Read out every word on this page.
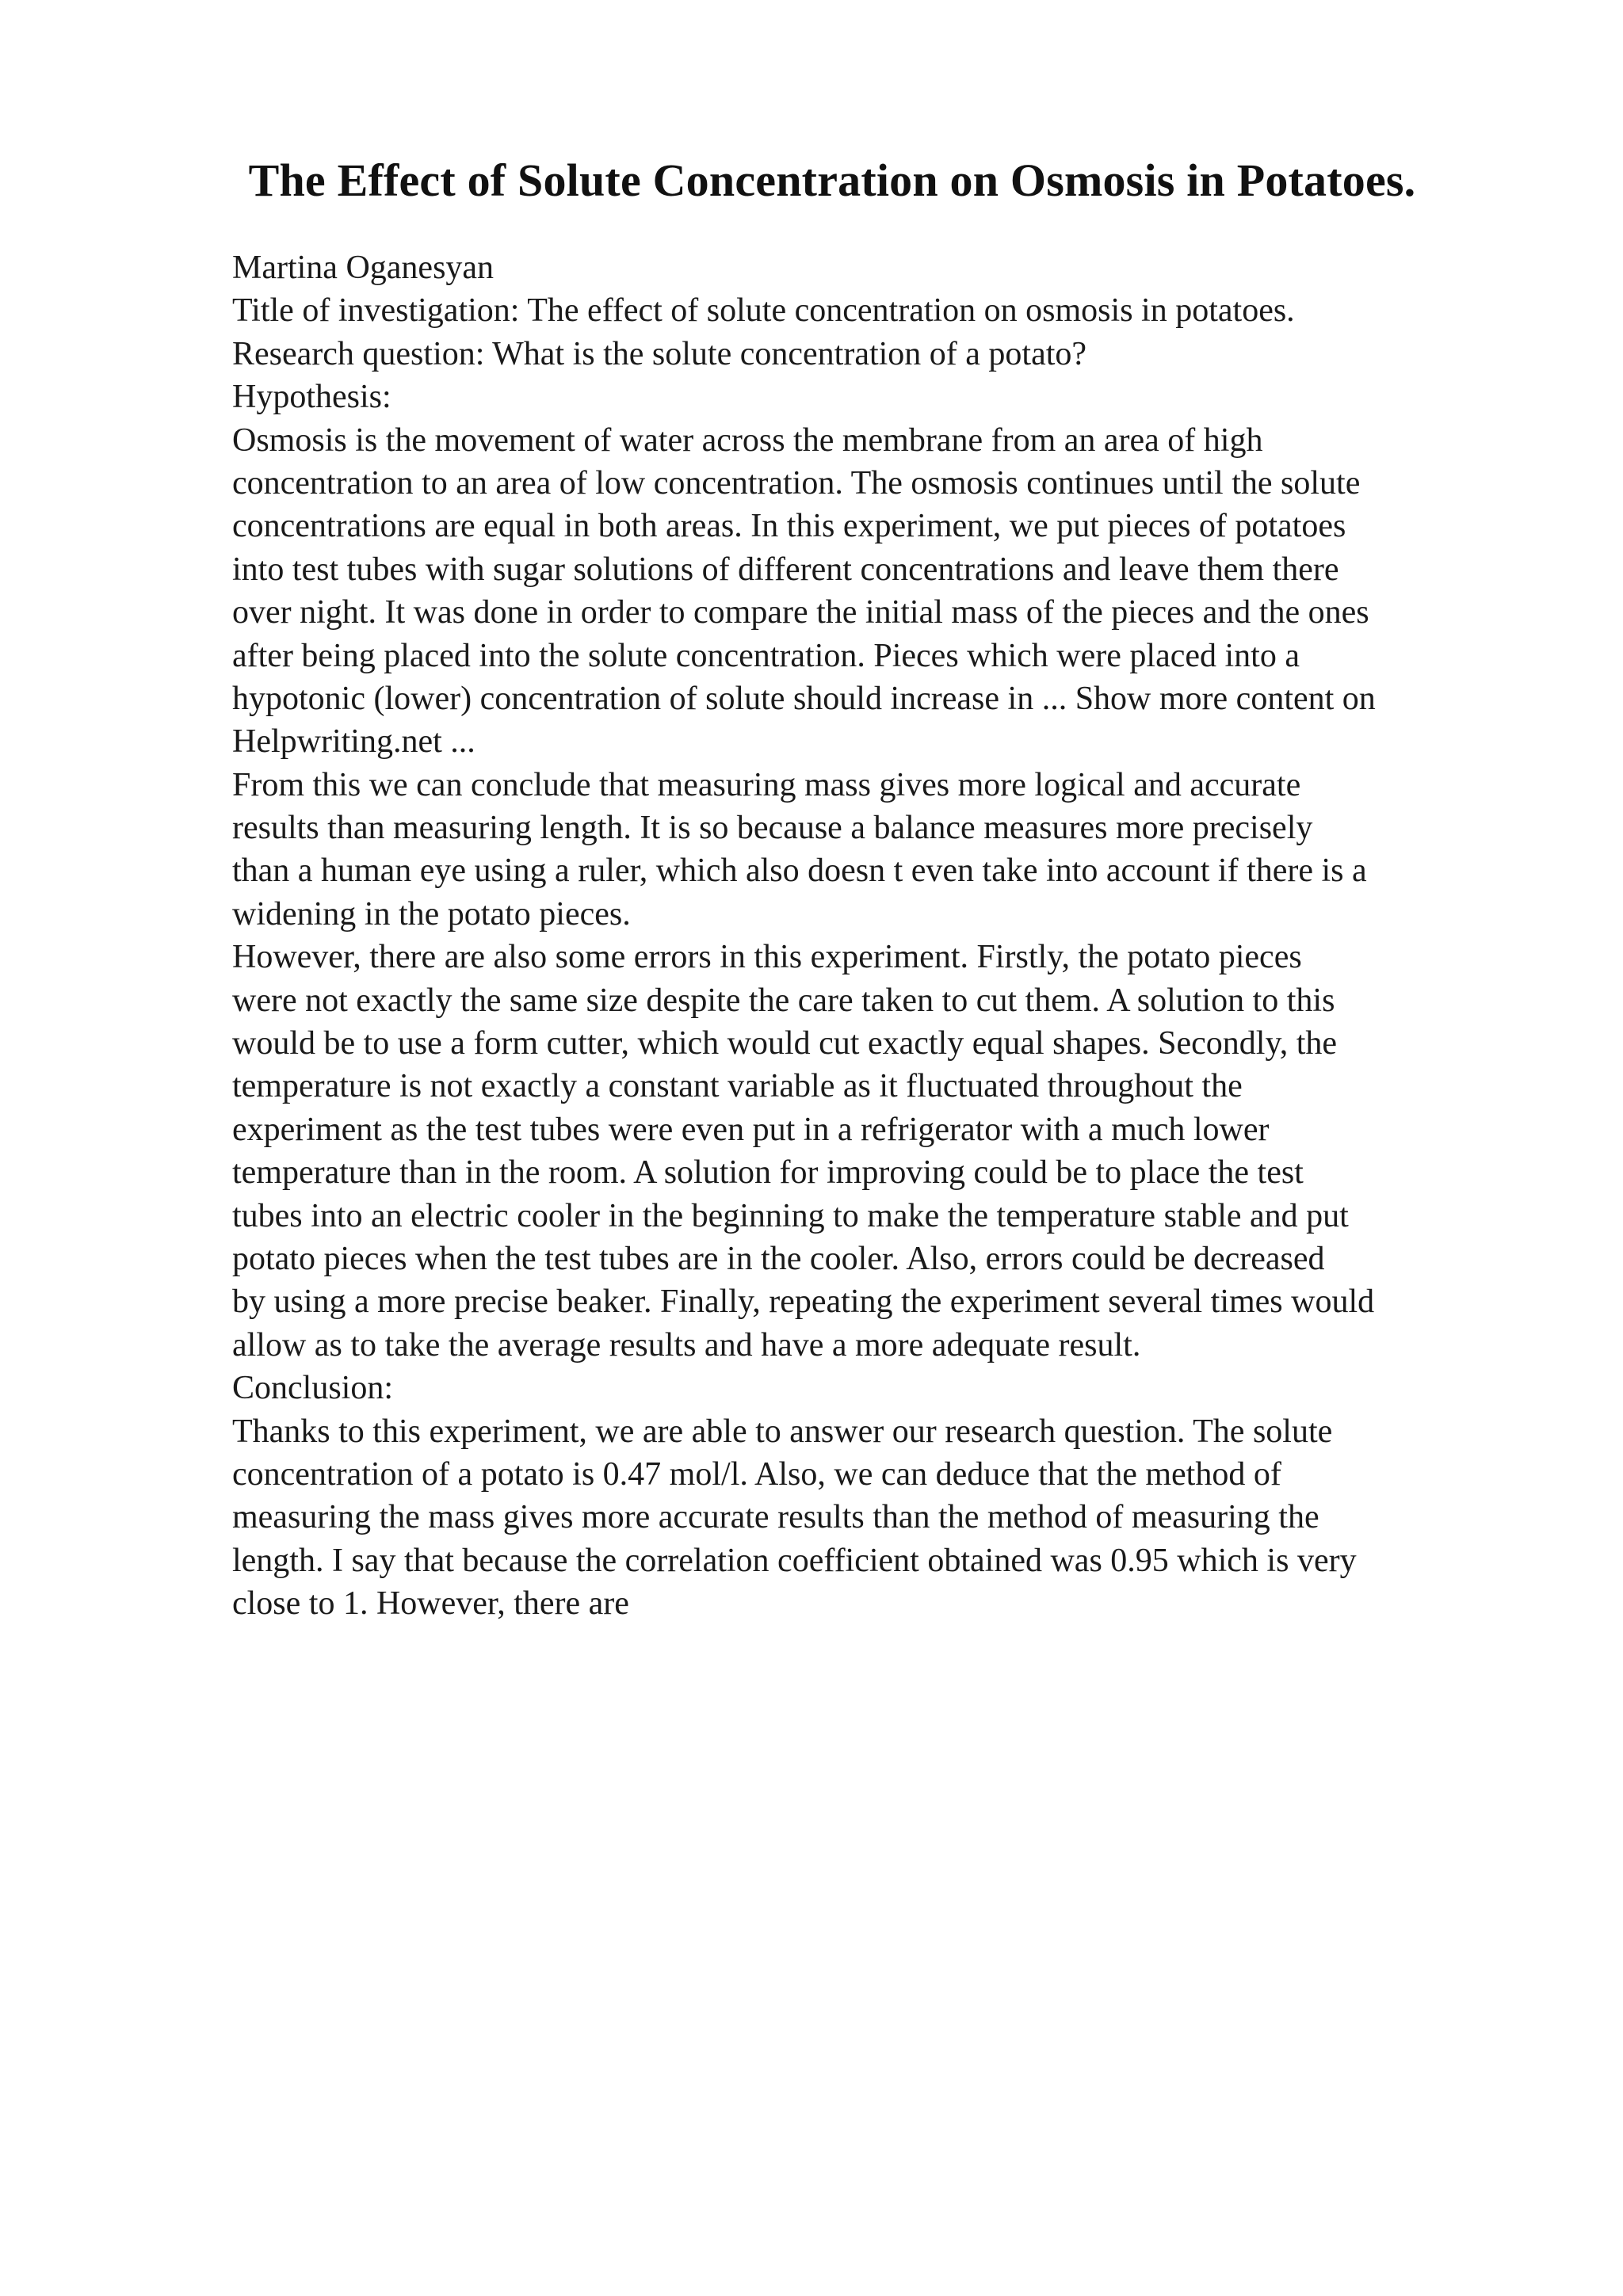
The Effect of Solute Concentration on Osmosis in Potatoes.
Martina Oganesyan
Title of investigation: The effect of solute concentration on osmosis in potatoes.
Research question: What is the solute concentration of a potato?
Hypothesis:
Osmosis is the movement of water across the membrane from an area of high
concentration to an area of low concentration. The osmosis continues until the solute
concentrations are equal in both areas. In this experiment, we put pieces of potatoes
into test tubes with sugar solutions of different concentrations and leave them there
over night. It was done in order to compare the initial mass of the pieces and the ones
after being placed into the solute concentration. Pieces which were placed into a
hypotonic (lower) concentration of solute should increase in ... Show more content on
Helpwriting.net ...
From this we can conclude that measuring mass gives more logical and accurate
results than measuring length. It is so because a balance measures more precisely
than a human eye using a ruler, which also doesn t even take into account if there is a
widening in the potato pieces.
However, there are also some errors in this experiment. Firstly, the potato pieces
were not exactly the same size despite the care taken to cut them. A solution to this
would be to use a form cutter, which would cut exactly equal shapes. Secondly, the
temperature is not exactly a constant variable as it fluctuated throughout the
experiment as the test tubes were even put in a refrigerator with a much lower
temperature than in the room. A solution for improving could be to place the test
tubes into an electric cooler in the beginning to make the temperature stable and put
potato pieces when the test tubes are in the cooler. Also, errors could be decreased
by using a more precise beaker. Finally, repeating the experiment several times would
allow as to take the average results and have a more adequate result.
Conclusion:
Thanks to this experiment, we are able to answer our research question. The solute
concentration of a potato is 0.47 mol/l. Also, we can deduce that the method of
measuring the mass gives more accurate results than the method of measuring the
length. I say that because the correlation coefficient obtained was 0.95 which is very
close to 1. However, there are
